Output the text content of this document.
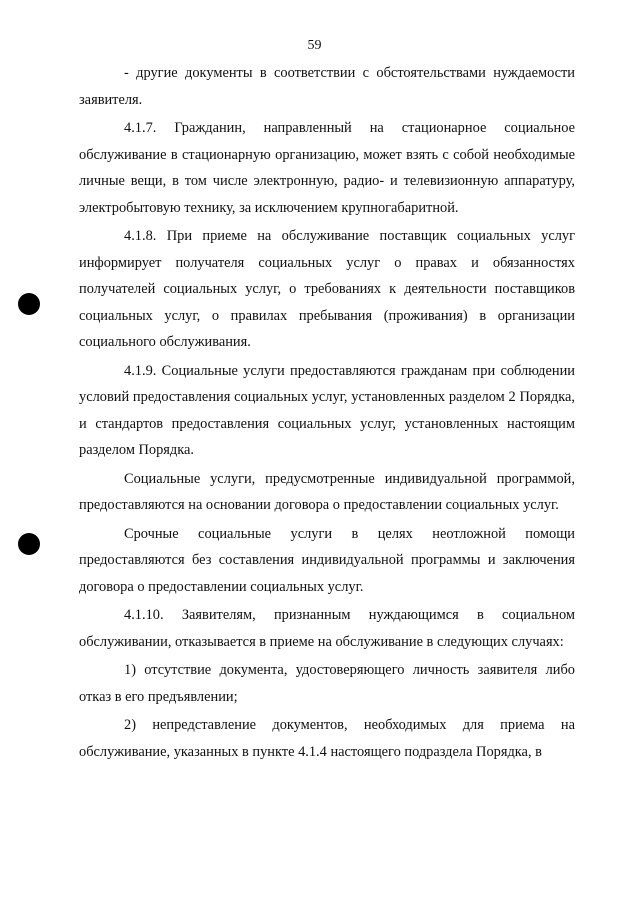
59

- другие документы в соответствии с обстоятельствами нуждаемости заявителя.

4.1.7. Гражданин, направленный на стационарное социальное обслуживание в стационарную организацию, может взять с собой необходимые личные вещи, в том числе электронную, радио- и телевизионную аппаратуру, электробытовую технику, за исключением крупногабаритной.

4.1.8. При приеме на обслуживание поставщик социальных услуг информирует получателя социальных услуг о правах и обязанностях получателей социальных услуг, о требованиях к деятельности поставщиков социальных услуг, о правилах пребывания (проживания) в организации социального обслуживания.

4.1.9. Социальные услуги предоставляются гражданам при соблюдении условий предоставления социальных услуг, установленных разделом 2 Порядка, и стандартов предоставления социальных услуг, установленных настоящим разделом Порядка.

Социальные услуги, предусмотренные индивидуальной программой, предоставляются на основании договора о предоставлении социальных услуг.

Срочные социальные услуги в целях неотложной помощи предоставляются без составления индивидуальной программы и заключения договора о предоставлении социальных услуг.

4.1.10. Заявителям, признанным нуждающимся в социальном обслуживании, отказывается в приеме на обслуживание в следующих случаях:

1) отсутствие документа, удостоверяющего личность заявителя либо отказ в его предъявлении;

2) непредставление документов, необходимых для приема на обслуживание, указанных в пункте 4.1.4 настоящего подраздела Порядка, в
